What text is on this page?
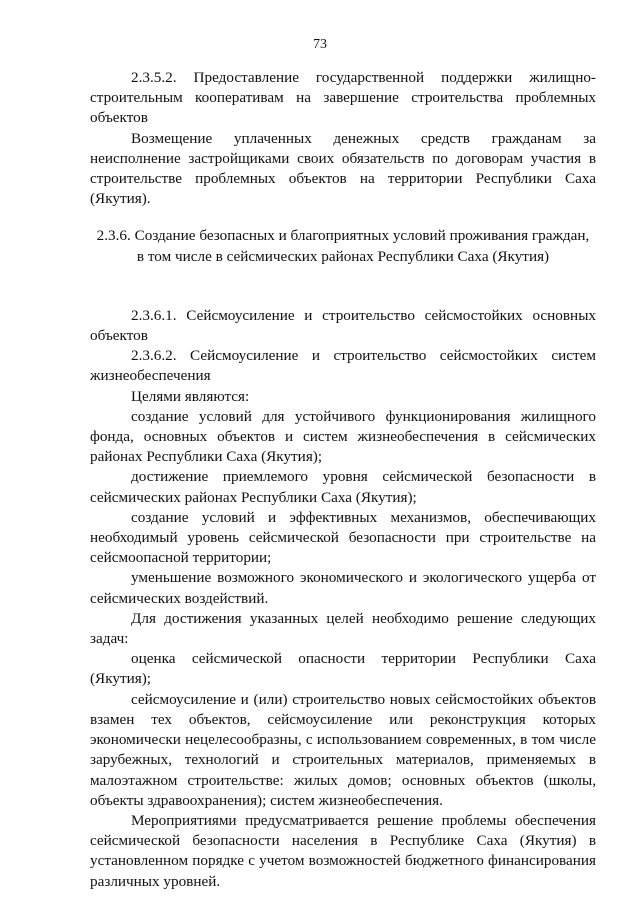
73

2.3.5.2. Предоставление государственной поддержки жилищно-строительным кооперативам на завершение строительства проблемных объектов

Возмещение уплаченных денежных средств гражданам за неисполнение застройщиками своих обязательств по договорам участия в строительстве проблемных объектов на территории Республики Саха (Якутия).

2.3.6. Создание безопасных и благоприятных условий проживания граждан,
в том числе в сейсмических районах Республики Саха (Якутия)

2.3.6.1. Сейсмоусиление и строительство сейсмостойких основных объектов

2.3.6.2. Сейсмоусиление и строительство сейсмостойких систем жизнеобеспечения

Целями являются:

создание условий для устойчивого функционирования жилищного фонда, основных объектов и систем жизнеобеспечения в сейсмических районах Республики Саха (Якутия);

достижение приемлемого уровня сейсмической безопасности в сейсмических районах Республики Саха (Якутия);

создание условий и эффективных механизмов, обеспечивающих необходимый уровень сейсмической безопасности при строительстве на сейсмоопасной территории;

уменьшение возможного экономического и экологического ущерба от сейсмических воздействий.

Для достижения указанных целей необходимо решение следующих задач:

оценка сейсмической опасности территории Республики Саха (Якутия);

сейсмоусиление и (или) строительство новых сейсмостойких объектов взамен тех объектов, сейсмоусиление или реконструкция которых экономически нецелесообразны, с использованием современных, в том числе зарубежных, технологий и строительных материалов, применяемых в малоэтажном строительстве: жилых домов; основных объектов (школы, объекты здравоохранения); систем жизнеобеспечения.

Мероприятиями предусматривается решение проблемы обеспечения сейсмической безопасности населения в Республике Саха (Якутия) в установленном порядке с учетом возможностей бюджетного финансирования различных уровней.
